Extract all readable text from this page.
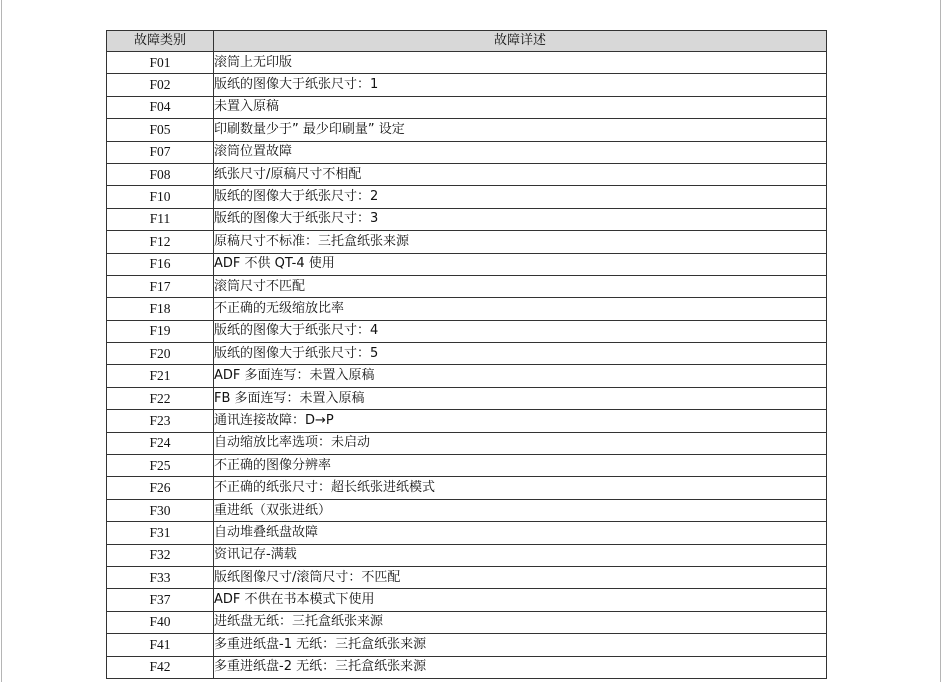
故障类别	故障详述
F01	滚筒上无印版
F02	版纸的图像大于纸张尺寸：1
F04	未置入原稿
F05	印刷数量少于” 最少印刷量” 设定
F07	滚筒位置故障
F08	纸张尺寸/原稿尺寸不相配
F10	版纸的图像大于纸张尺寸：2
F11	版纸的图像大于纸张尺寸：3
F12	原稿尺寸不标准：三托盒纸张来源
F16	ADF 不供 QT-4 使用
F17	滚筒尺寸不匹配
F18	不正确的无级缩放比率
F19	版纸的图像大于纸张尺寸：4
F20	版纸的图像大于纸张尺寸：5
F21	ADF 多面连写：未置入原稿
F22	FB 多面连写：未置入原稿
F23	通讯连接故障：D→P
F24	自动缩放比率选项：未启动
F25	不正确的图像分辨率
F26	不正确的纸张尺寸：超长纸张进纸模式
F30	重进纸（双张进纸）
F31	自动堆叠纸盘故障
F32	资讯记存-满载
F33	版纸图像尺寸/滚筒尺寸：不匹配
F37	ADF 不供在书本模式下使用
F40	进纸盘无纸：三托盒纸张来源
F41	多重进纸盘-1 无纸：三托盒纸张来源
F42	多重进纸盘-2 无纸：三托盒纸张来源
